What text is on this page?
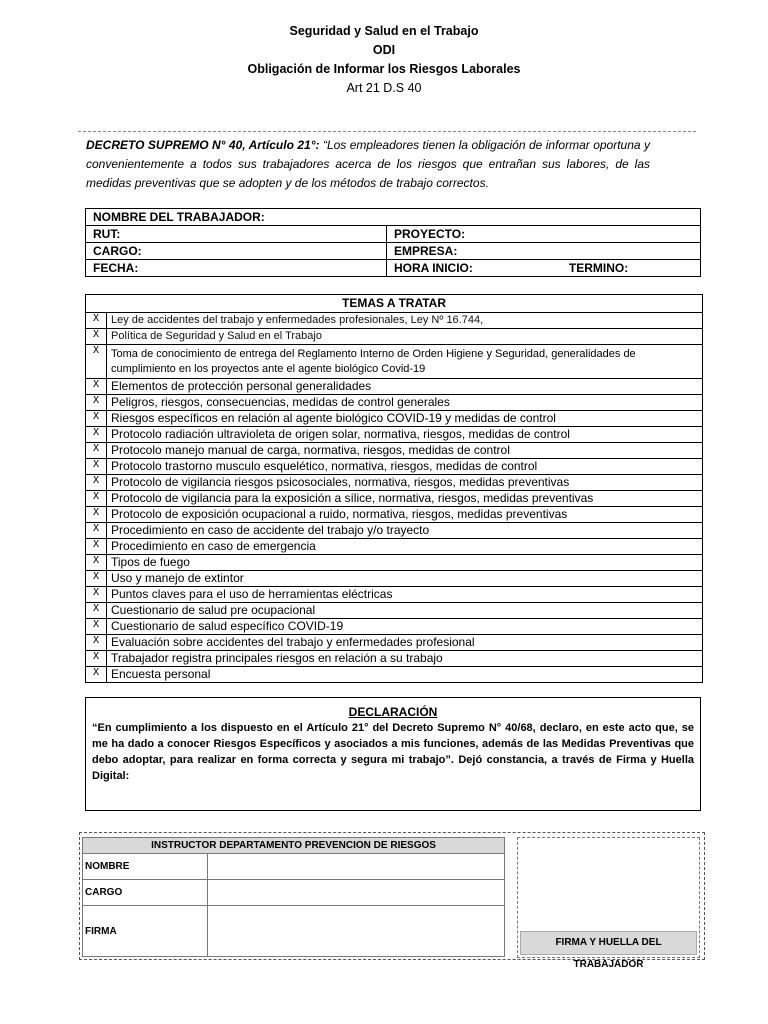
Seguridad y Salud en el Trabajo
ODI
Obligación de Informar los Riesgos Laborales
Art 21 D.S 40
DECRETO SUPREMO N° 40, Artículo 21°: “Los empleadores tienen la obligación de informar oportuna y convenientemente a todos sus trabajadores acerca de los riesgos que entrañan sus labores, de las medidas preventivas que se adopten y de los métodos de trabajo correctos.
NOMBRE DEL TRABAJADOR:	
RUT:	PROYECTO:
CARGO:	EMPRESA:
FECHA:	HORA INICIO: TERMINO:
TEMAS A TRATAR	
X	Ley de accidentes del trabajo y enfermedades profesionales, Ley Nº 16.744,
X	Política de Seguridad y Salud en el Trabajo
X	Toma de conocimiento de entrega del Reglamento Interno de Orden Higiene y Seguridad, generalidades de cumplimiento en los proyectos ante el agente biológico Covid-19
X	Elementos de protección personal generalidades
X	Peligros, riesgos, consecuencias, medidas de control generales
X	Riesgos específicos en relación al agente biológico COVID-19 y medidas de control
X	Protocolo radiación ultravioleta de origen solar, normativa, riesgos, medidas de control
X	Protocolo manejo manual de carga, normativa, riesgos, medidas de control
X	Protocolo trastorno musculo esquelético, normativa, riesgos, medidas de control
X	Protocolo de vigilancia riesgos psicosociales, normativa, riesgos, medidas preventivas
X	Protocolo de vigilancia para la exposición a sílice, normativa, riesgos, medidas preventivas
X	Protocolo de exposición ocupacional a ruido, normativa, riesgos, medidas preventivas
X	Procedimiento en caso de accidente del trabajo y/o trayecto
X	Procedimiento en caso de emergencia
X	Tipos de fuego
X	Uso y manejo de extintor
X	Puntos claves para el uso de herramientas eléctricas
X	Cuestionario de salud pre ocupacional
X	Cuestionario de salud específico COVID-19
X	Evaluación sobre accidentes del trabajo y enfermedades profesional
X	Trabajador registra principales riesgos en relación a su trabajo
X	Encuesta personal
DECLARACIÓN
“En cumplimiento a los dispuesto en el Artículo 21° del Decreto Supremo N° 40/68, declaro, en este acto que, se me ha dado a conocer Riesgos Específicos y asociados a mis funciones, además de las Medidas Preventivas que debo adoptar, para realizar en forma correcta y segura mi trabajo”. Dejó constancia, a través de Firma y Huella Digital:
INSTRUCTOR DEPARTAMENTO PREVENCION DE RIESGOS	
NOMBRE	
CARGO	
FIRMA	
FIRMA Y HUELLA DEL TRABAJADOR
